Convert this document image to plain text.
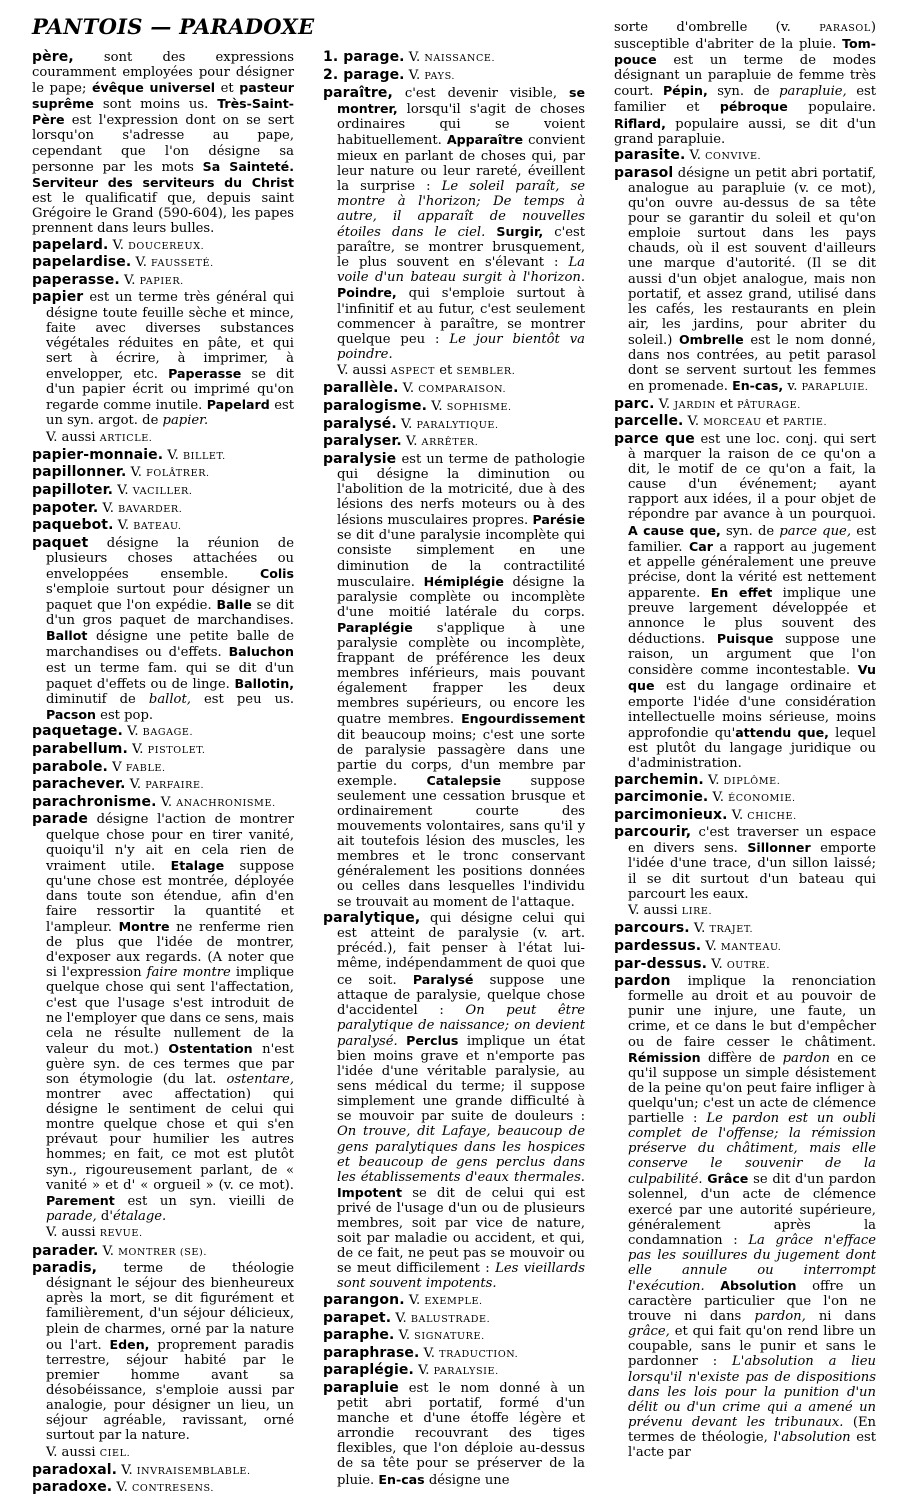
PANTOIS — PARADOXE

père, sont des expressions couramment employées pour désigner le pape; évêque universel et pasteur suprême sont moins us. Très-Saint-Père est l'expression dont on se sert lorsqu'on s'adresse au pape, cependant que l'on désigne sa personne par les mots Sa Sainteté. Serviteur des serviteurs du Christ est le qualificatif que, depuis saint Grégoire le Grand (590-604), les papes prennent dans leurs bulles.

papelard. V. DOUCEREUX.

papelardise. V. FAUSSETÉ.

paperasse. V. PAPIER.

papier est un terme très général qui désigne toute feuille sèche et mince, faite avec diverses substances végétales réduites en pâte, et qui sert à écrire, à imprimer, à envelopper, etc. Paperasse se dit d'un papier écrit ou imprimé qu'on regarde comme inutile. Papelard est un syn. argot. de papier.

V. aussi ARTICLE.

papier-monnaie. V. BILLET.

papillonner. V. FOLÂTRER.

papilloter. V. VACILLER.

papoter. V. BAVARDER.

paquebot. V. BATEAU.

paquet désigne la réunion de plusieurs choses attachées ou enveloppées ensemble. Colis s'emploie surtout pour désigner un paquet que l'on expédie. Balle se dit d'un gros paquet de marchandises. Ballot désigne une petite balle de marchandises ou d'effets. Baluchon est un terme fam. qui se dit d'un paquet d'effets ou de linge. Ballotin, diminutif de ballot, est peu us. Pacson est pop.

paquetage. V. BAGAGE.

parabellum. V. PISTOLET.

parabole. V FABLE.

parachever. V. PARFAIRE.

parachronisme. V. ANACHRONISME.

parade désigne l'action de montrer quelque chose pour en tirer vanité, quoiqu'il n'y ait en cela rien de vraiment utile. Etalage suppose qu'une chose est montrée, déployée dans toute son étendue, afin d'en faire ressortir la quantité et l'ampleur. Montre ne renferme rien de plus que l'idée de montrer, d'exposer aux regards. (A noter que si l'expression faire montre implique quelque chose qui sent l'affectation, c'est que l'usage s'est introduit de ne l'employer que dans ce sens, mais cela ne résulte nullement de la valeur du mot.) Ostentation n'est guère syn. de ces termes que par son étymologie (du lat. ostentare, montrer avec affectation) qui désigne le sentiment de celui qui montre quelque chose et qui s'en prévaut pour humilier les autres hommes; en fait, ce mot est plutôt syn., rigoureusement parlant, de « vanité » et d' « orgueil » (v. ce mot). Parement est un syn. vieilli de parade, d'étalage.

V. aussi REVUE.

parader. V. MONTRER (SE).

paradis, terme de théologie désignant le séjour des bienheureux après la mort, se dit figurément et familièrement, d'un séjour délicieux, plein de charmes, orné par la nature ou l'art. Eden, proprement paradis terrestre, séjour habité par le premier homme avant sa désobéissance, s'emploie aussi par analogie, pour désigner un lieu, un séjour agréable, ravissant, orné surtout par la nature.

V. aussi CIEL.

paradoxal. V. INVRAISEMBLABLE.

paradoxe. V. CONTRESENS.

1. parage. V. NAISSANCE.

2. parage. V. PAYS.

paraître, c'est devenir visible, se montrer, lorsqu'il s'agit de choses ordinaires qui se voient habituellement. Apparaître convient mieux en parlant de choses qui, par leur nature ou leur rareté, éveillent la surprise : Le soleil paraît, se montre à l'horizon; De temps à autre, il apparaît de nouvelles étoiles dans le ciel. Surgir, c'est paraître, se montrer brusquement, le plus souvent en s'élevant : La voile d'un bateau surgit à l'horizon. Poindre, qui s'emploie surtout à l'infinitif et au futur, c'est seulement commencer à paraître, se montrer quelque peu : Le jour bientôt va poindre.

V. aussi ASPECT et SEMBLER.

parallèle. V. COMPARAISON.

paralogisme. V. SOPHISME.

paralysé. V. PARALYTIQUE.

paralyser. V. ARRÊTER.

paralysie est un terme de pathologie qui désigne la diminution ou l'abolition de la motricité, due à des lésions des nerfs moteurs ou à des lésions musculaires propres. Parésie se dit d'une paralysie incomplète qui consiste simplement en une diminution de la contractilité musculaire. Hémiplégie désigne la paralysie complète ou incomplète d'une moitié latérale du corps. Paraplégie s'applique à une paralysie complète ou incomplète, frappant de préférence les deux membres inférieurs, mais pouvant également frapper les deux membres supérieurs, ou encore les quatre membres. Engourdissement dit beaucoup moins; c'est une sorte de paralysie passagère dans une partie du corps, d'un membre par exemple. Catalepsie suppose seulement une cessation brusque et ordinairement courte des mouvements volontaires, sans qu'il y ait toutefois lésion des muscles, les membres et le tronc conservant généralement les positions données ou celles dans lesquelles l'individu se trouvait au moment de l'attaque.

paralytique, qui désigne celui qui est atteint de paralysie (v. art. précéd.), fait penser à l'état lui-même, indépendamment de quoi que ce soit. Paralysé suppose une attaque de paralysie, quelque chose d'accidentel : On peut être paralytique de naissance; on devient paralysé. Perclus implique un état bien moins grave et n'emporte pas l'idée d'une véritable paralysie, au sens médical du terme; il suppose simplement une grande difficulté à se mouvoir par suite de douleurs : On trouve, dit Lafaye, beaucoup de gens paralytiques dans les hospices et beaucoup de gens perclus dans les établissements d'eaux thermales. Impotent se dit de celui qui est privé de l'usage d'un ou de plusieurs membres, soit par vice de nature, soit par maladie ou accident, et qui, de ce fait, ne peut pas se mouvoir ou se meut difficilement : Les vieillards sont souvent impotents.

parangon. V. EXEMPLE.

parapet. V. BALUSTRADE.

paraphe. V. SIGNATURE.

paraphrase. V. TRADUCTION.

paraplégie. V. PARALYSIE.

parapluie est le nom donné à un petit abri portatif, formé d'un manche et d'une étoffe légère et arrondie recouvrant des tiges flexibles, que l'on déploie au-dessus de sa tête pour se préserver de la pluie. En-cas désigne une

sorte d'ombrelle (v. PARASOL) susceptible d'abriter de la pluie. Tom-pouce est un terme de modes désignant un parapluie de femme très court. Pépin, syn. de parapluie, est familier et pébroque populaire. Riflard, populaire aussi, se dit d'un grand parapluie.

parasite. V. CONVIVE.

parasol désigne un petit abri portatif, analogue au parapluie (v. ce mot), qu'on ouvre au-dessus de sa tête pour se garantir du soleil et qu'on emploie surtout dans les pays chauds, où il est souvent d'ailleurs une marque d'autorité. (Il se dit aussi d'un objet analogue, mais non portatif, et assez grand, utilisé dans les cafés, les restaurants en plein air, les jardins, pour abriter du soleil.) Ombrelle est le nom donné, dans nos contrées, au petit parasol dont se servent surtout les femmes en promenade. En-cas, v. PARAPLUIE.

parc. V. JARDIN et PÂTURAGE.

parcelle. V. MORCEAU et PARTIE.

parce que est une loc. conj. qui sert à marquer la raison de ce qu'on a dit, le motif de ce qu'on a fait, la cause d'un événement; ayant rapport aux idées, il a pour objet de répondre par avance à un pourquoi. A cause que, syn. de parce que, est familier. Car a rapport au jugement et appelle généralement une preuve précise, dont la vérité est nettement apparente. En effet implique une preuve largement développée et annonce le plus souvent des déductions. Puisque suppose une raison, un argument que l'on considère comme incontestable. Vu que est du langage ordinaire et emporte l'idée d'une considération intellectuelle moins sérieuse, moins approfondie qu'attendu que, lequel est plutôt du langage juridique ou d'administration.

parchemin. V. DIPLÔME.

parcimonie. V. ÉCONOMIE.

parcimonieux. V. CHICHE.

parcourir, c'est traverser un espace en divers sens. Sillonner emporte l'idée d'une trace, d'un sillon laissé; il se dit surtout d'un bateau qui parcourt les eaux.

V. aussi LIRE.

parcours. V. TRAJET.

pardessus. V. MANTEAU.

par-dessus. V. OUTRE.

pardon implique la renonciation formelle au droit et au pouvoir de punir une injure, une faute, un crime, et ce dans le but d'empêcher ou de faire cesser le châtiment. Rémission diffère de pardon en ce qu'il suppose un simple désistement de la peine qu'on peut faire infliger à quelqu'un; c'est un acte de clémence partielle : Le pardon est un oubli complet de l'offense; la rémission préserve du châtiment, mais elle conserve le souvenir de la culpabilité. Grâce se dit d'un pardon solennel, d'un acte de clémence exercé par une autorité supérieure, généralement après la condamnation : La grâce n'efface pas les souillures du jugement dont elle annule ou interrompt l'exécution. Absolution offre un caractère particulier que l'on ne trouve ni dans pardon, ni dans grâce, et qui fait qu'on rend libre un coupable, sans le punir et sans le pardonner : L'absolution a lieu lorsqu'il n'existe pas de dispositions dans les lois pour la punition d'un délit ou d'un crime qui a amené un prévenu devant les tribunaux. (En termes de théologie, l'absolution est l'acte par
